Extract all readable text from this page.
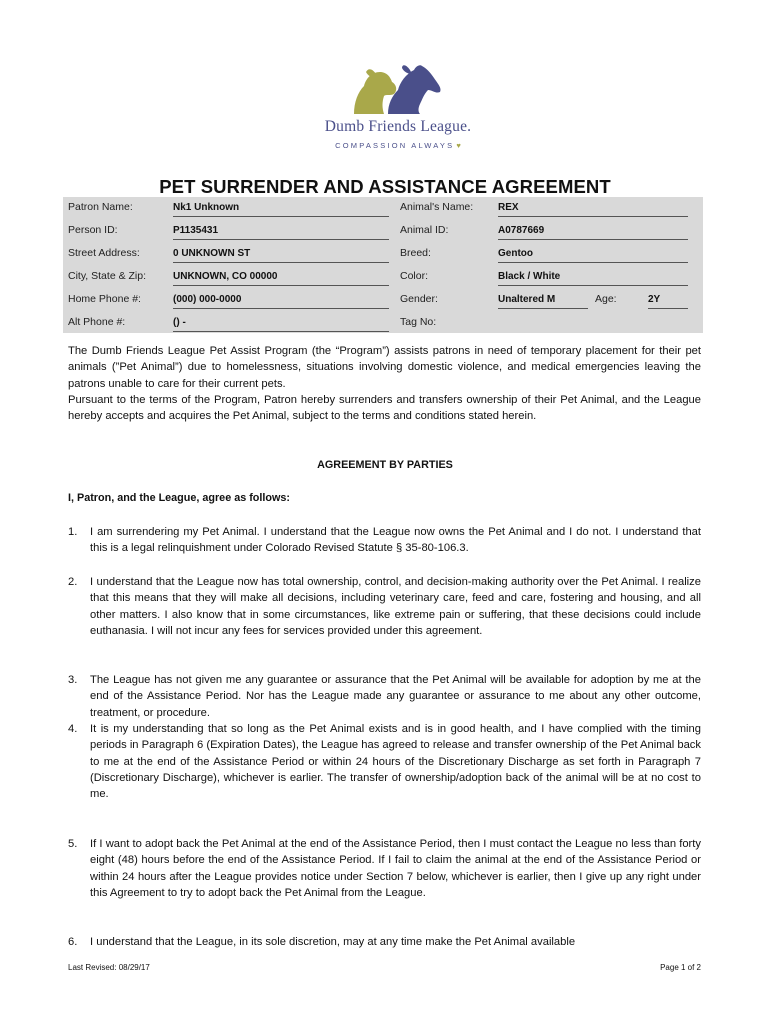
Dumb Friends League.
COMPASSION ALWAYS ♥
PET SURRENDER AND ASSISTANCE AGREEMENT
Patron Name:	Nk1 Unknown	Animal's Name: REX
Person ID:	P1135431	Animal ID:	A0787669
Street Address:	0 UNKNOWN ST	Breed:	Gentoo
City, State & Zip:	UNKNOWN, CO 00000	Color:	Black / White
Home Phone #:	(000) 000-0000	Gender:	Unaltered M	Age:	2Y
Alt Phone #:	() -	Tag No:
The Dumb Friends League Pet Assist Program (the “Program”) assists patrons in need of temporary placement for their pet animals (”Pet Animal”) due to homelessness, situations involving domestic violence, and medical emergencies leaving the patrons unable to care for their current pets.
Pursuant to the terms of the Program, Patron hereby surrenders and transfers ownership of their Pet Animal, and the League hereby accepts and acquires the Pet Animal, subject to the terms and conditions stated herein.
AGREEMENT BY PARTIES
I, Patron, and the League, agree as follows:
1. I am surrendering my Pet Animal. I understand that the League now owns the Pet Animal and I do not. I understand that this is a legal relinquishment under Colorado Revised Statute § 35-80-106.3.
2. I understand that the League now has total ownership, control, and decision-making authority over the Pet Animal. I realize that this means that they will make all decisions, including veterinary care, feed and care, fostering and housing, and all other matters. I also know that in some circumstances, like extreme pain or suffering, that these decisions could include euthanasia. I will not incur any fees for services provided under this agreement.
3. The League has not given me any guarantee or assurance that the Pet Animal will be available for adoption by me at the end of the Assistance Period. Nor has the League made any guarantee or assurance to me about any other outcome, treatment, or procedure.
4. It is my understanding that so long as the Pet Animal exists and is in good health, and I have complied with the timing periods in Paragraph 6 (Expiration Dates), the League has agreed to release and transfer ownership of the Pet Animal back to me at the end of the Assistance Period or within 24 hours of the Discretionary Discharge as set forth in Paragraph 7 (Discretionary Discharge), whichever is earlier. The transfer of ownership/adoption back of the animal will be at no cost to me.
5. If I want to adopt back the Pet Animal at the end of the Assistance Period, then I must contact the League no less than forty eight (48) hours before the end of the Assistance Period. If I fail to claim the animal at the end of the Assistance Period or within 24 hours after the League provides notice under Section 7 below, whichever is earlier, then I give up any right under this Agreement to try to adopt back the Pet Animal from the League.
6. I understand that the League, in its sole discretion, may at any time make the Pet Animal available
Last Revised: 08/29/17	Page 1 of 2
